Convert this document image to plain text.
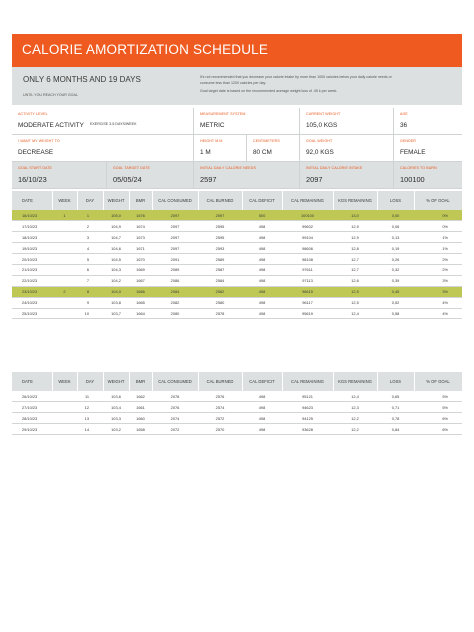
CALORIE AMORTIZATION SCHEDULE
ONLY 6 MONTHS AND 19 DAYS
UNTIL YOU REACH YOUR GOAL
It's not recommended that you decrease your calorie intake by more than 1000 calories below your daily calorie needs or
consume less than 1200 calories per day.
Goal target date is based on the recommended average weight loss of .45 k per week.
ACTIVITY LEVEL
MODERATE ACTIVITY EXERCISE 3-5 DAYS/WEEK
MEASUREMENT SYSTEM
METRIC
CURRENT WEIGHT
105,0 KGS
AGE
36
I WANT MY WEIGHT TO
DECREASE
HEIGHT M.M
1 M
CENTIMETERS
80 CM
GOAL WEIGHT
92,0 KGS
GENDER
FEMALE
GOAL START DATE
16/10/23
GOAL TARGET DATE
05/05/24
INITIAL DAILY CALORIE NEEDS
2597
INITIAL DAILY CALORIE INTAKE
2097
CALORIES TO BURN
100100
DATE	WEEK	DAY	WEIGHT	BMR	CAL CONSUMED	CAL BURNED	CAL DEFICIT	CAL REMAINING	KGS REMAINING	LOSS	% OF GOAL
16/10/23	1	1	105,0	1676	2097	2597	500	100100	13,0	0,00	0%
17/10/23		2	104,9	1674	2097	2595	498	99602	12,9	0,06	0%
18/10/23		3	104,7	1673	2097	2595	498	99104	12,9	0,13	1%
19/10/23		4	104,6	1671	2097	2593	498	98606	12,8	0,19	1%
20/10/23		5	104,5	1670	2091	2589	498	98108	12,7	0,26	2%
21/10/23		6	104,3	1669	2089	2587	498	97611	12,7	0,32	2%
22/10/23		7	104,2	1667	2086	2584	498	97113	12,6	0,39	3%
23/10/23	2	8	104,0	1666	2084	2582	498	96615	12,5	0,45	3%
24/10/23		9	103,8	1665	2082	2580	498	96117	12,5	0,52	4%
25/10/23		10	103,7	1664	2080	2578	498	95619	12,4	0,58	4%
DATE	WEEK	DAY	WEIGHT	BMR	CAL CONSUMED	CAL BURNED	CAL DEFICIT	CAL REMAINING	KGS REMAINING	LOSS	% OF GOAL
26/10/23		11	103,6	1662	2078	2576	498	95121	12,4	0,65	5%
27/10/23		12	103,4	1661	2076	2574	498	94623	12,3	0,71	5%
28/10/23		13	103,3	1660	2074	2572	498	94125	12,2	0,78	6%
29/10/23		14	103,2	1658	2072	2570	498	93628	12,2	0,84	6%
